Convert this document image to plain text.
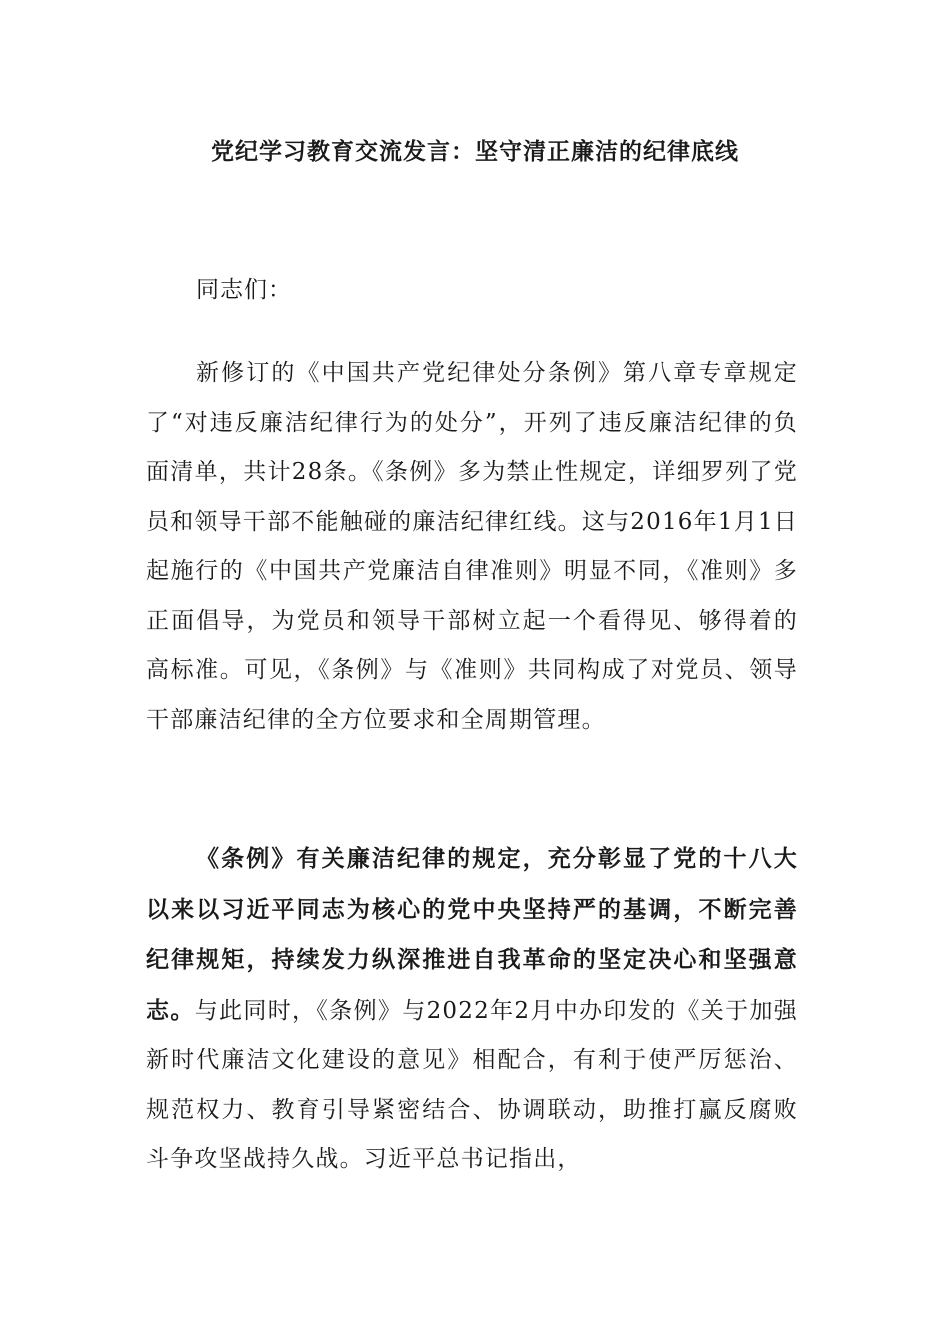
党纪学习教育交流发言：坚守清正廉洁的纪律底线
同志们：

新修订的《中国共产党纪律处分条例》第八章专章规定了“对违反廉洁纪律行为的处分”，开列了违反廉洁纪律的负面清单，共计28条。《条例》多为禁止性规定，详细罗列了党员和领导干部不能触碰的廉洁纪律红线。这与2016年1月1日起施行的《中国共产党廉洁自律准则》明显不同，《准则》多正面倡导，为党员和领导干部树立起一个看得见、够得着的高标准。可见，《条例》与《准则》共同构成了对党员、领导干部廉洁纪律的全方位要求和全周期管理。

《条例》有关廉洁纪律的规定，充分彰显了党的十八大以来以习近平同志为核心的党中央坚持严的基调，不断完善纪律规矩，持续发力纵深推进自我革命的坚定决心和坚强意志。与此同时，《条例》与2022年2月中办印发的《关于加强新时代廉洁文化建设的意见》相配合，有利于使严厉惩治、规范权力、教育引导紧密结合、协调联动，助推打赢反腐败斗争攻坚战持久战。习近平总书记指出，
